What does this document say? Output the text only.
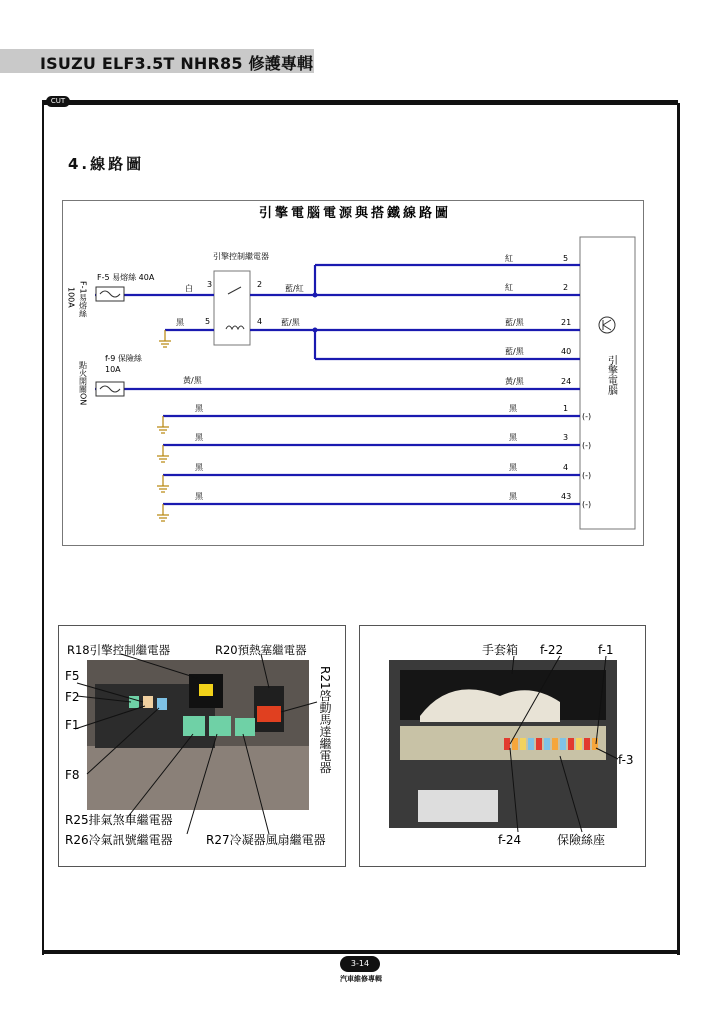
ISUZU ELF3.5T NHR85 修護專輯
CUT
4.線路圖
引擎電腦電源與搭鐵線路圖
引擎電腦
引擎控制繼電器
3
5
2
4
F-5 易熔絲 40A
F-1易熔絲
100A
f-9 保險絲
10A
點火開關ON
白
黑
藍/紅
藍/黑
黃/黑
紅	5
紅	2
藍/黑	21
藍/黑	40
黃/黑	24
黑	黑	1
(-)
黑	黑	3
(-)
黑	黑	4
(-)
黑	黑	43
(-)
R18引擎控制繼電器	R20預熱塞繼電器
R21啓動馬達繼電器
F5
F2
F1
F8
R25排氣煞車繼電器
R26冷氣訊號繼電器	R27冷凝器風扇繼電器
手套箱 f-22	f-1
f-3
f-24	保險絲座
3-14
汽車維修專輯
